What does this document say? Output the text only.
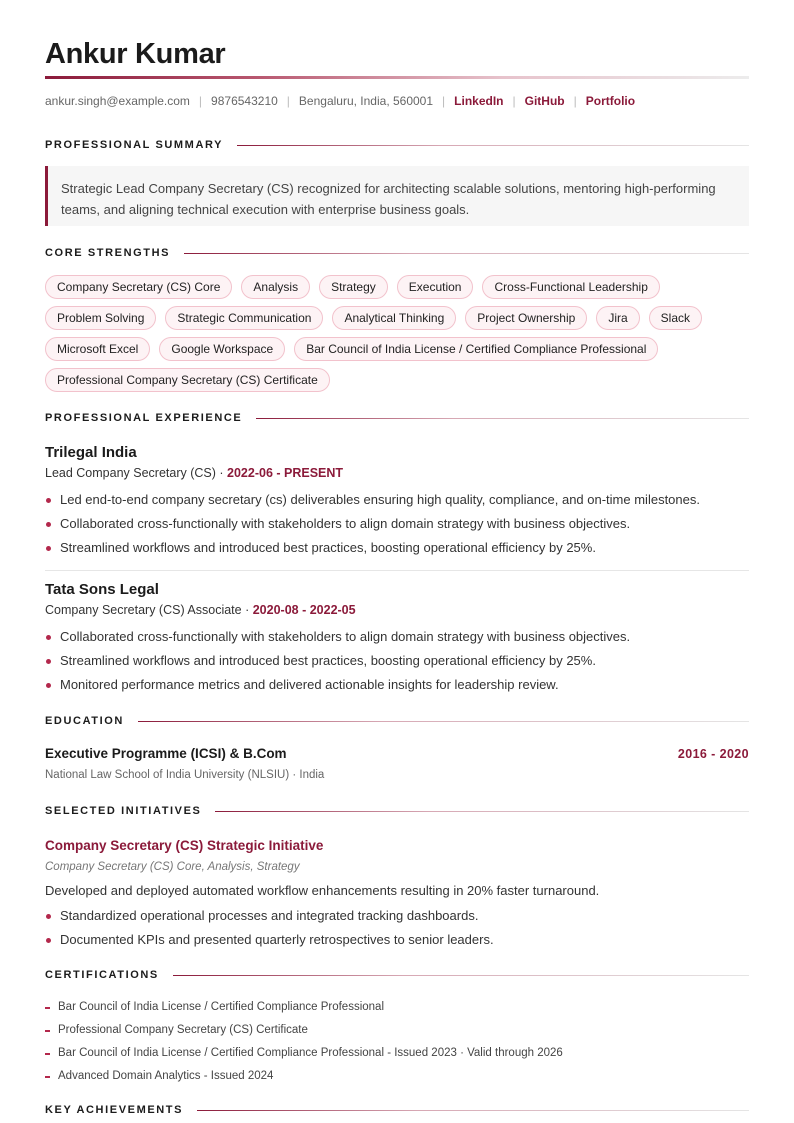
Ankur Kumar
ankur.singh@example.com | 9876543210 | Bengaluru, India, 560001 | LinkedIn | GitHub | Portfolio
PROFESSIONAL SUMMARY
Strategic Lead Company Secretary (CS) recognized for architecting scalable solutions, mentoring high-performing teams, and aligning technical execution with enterprise business goals.
CORE STRENGTHS
Company Secretary (CS) Core	Analysis	Strategy	Execution	Cross-Functional Leadership
Problem Solving	Strategic Communication	Analytical Thinking	Project Ownership	Jira	Slack
Microsoft Excel	Google Workspace	Bar Council of India License / Certified Compliance Professional
Professional Company Secretary (CS) Certificate
PROFESSIONAL EXPERIENCE
Trilegal India
Lead Company Secretary (CS) · 2022-06 - PRESENT
Led end-to-end company secretary (cs) deliverables ensuring high quality, compliance, and on-time milestones.
Collaborated cross-functionally with stakeholders to align domain strategy with business objectives.
Streamlined workflows and introduced best practices, boosting operational efficiency by 25%.
Tata Sons Legal
Company Secretary (CS) Associate · 2020-08 - 2022-05
Collaborated cross-functionally with stakeholders to align domain strategy with business objectives.
Streamlined workflows and introduced best practices, boosting operational efficiency by 25%.
Monitored performance metrics and delivered actionable insights for leadership review.
EDUCATION
Executive Programme (ICSI) & B.Com	2016 - 2020
National Law School of India University (NLSIU) · India
SELECTED INITIATIVES
Company Secretary (CS) Strategic Initiative
Company Secretary (CS) Core, Analysis, Strategy
Developed and deployed automated workflow enhancements resulting in 20% faster turnaround.
Standardized operational processes and integrated tracking dashboards.
Documented KPIs and presented quarterly retrospectives to senior leaders.
CERTIFICATIONS
Bar Council of India License / Certified Compliance Professional
Professional Company Secretary (CS) Certificate
Bar Council of India License / Certified Compliance Professional - Issued 2023 · Valid through 2026
Advanced Domain Analytics - Issued 2024
KEY ACHIEVEMENTS
